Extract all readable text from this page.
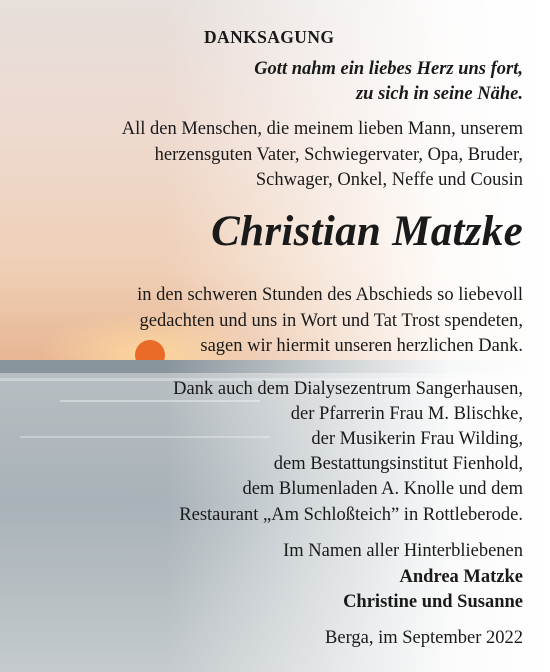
DANKSAGUNG
Gott nahm ein liebes Herz uns fort,
zu sich in seine Nähe.
All den Menschen, die meinem lieben Mann, unserem
herzensguten Vater, Schwiegervater, Opa, Bruder,
Schwager, Onkel, Neffe und Cousin
Christian Matzke
in den schweren Stunden des Abschieds so liebevoll
gedachten und uns in Wort und Tat Trost spendeten,
sagen wir hiermit unseren herzlichen Dank.
Dank auch dem Dialysezentrum Sangerhausen,
der Pfarrerin Frau M. Blischke,
der Musikerin Frau Wilding,
dem Bestattungsinstitut Fienhold,
dem Blumenladen A. Knolle und dem
Restaurant „Am Schloßteich” in Rottleberode.
Im Namen aller Hinterbliebenen
Andrea Matzke
Christine und Susanne
Berga, im September 2022
